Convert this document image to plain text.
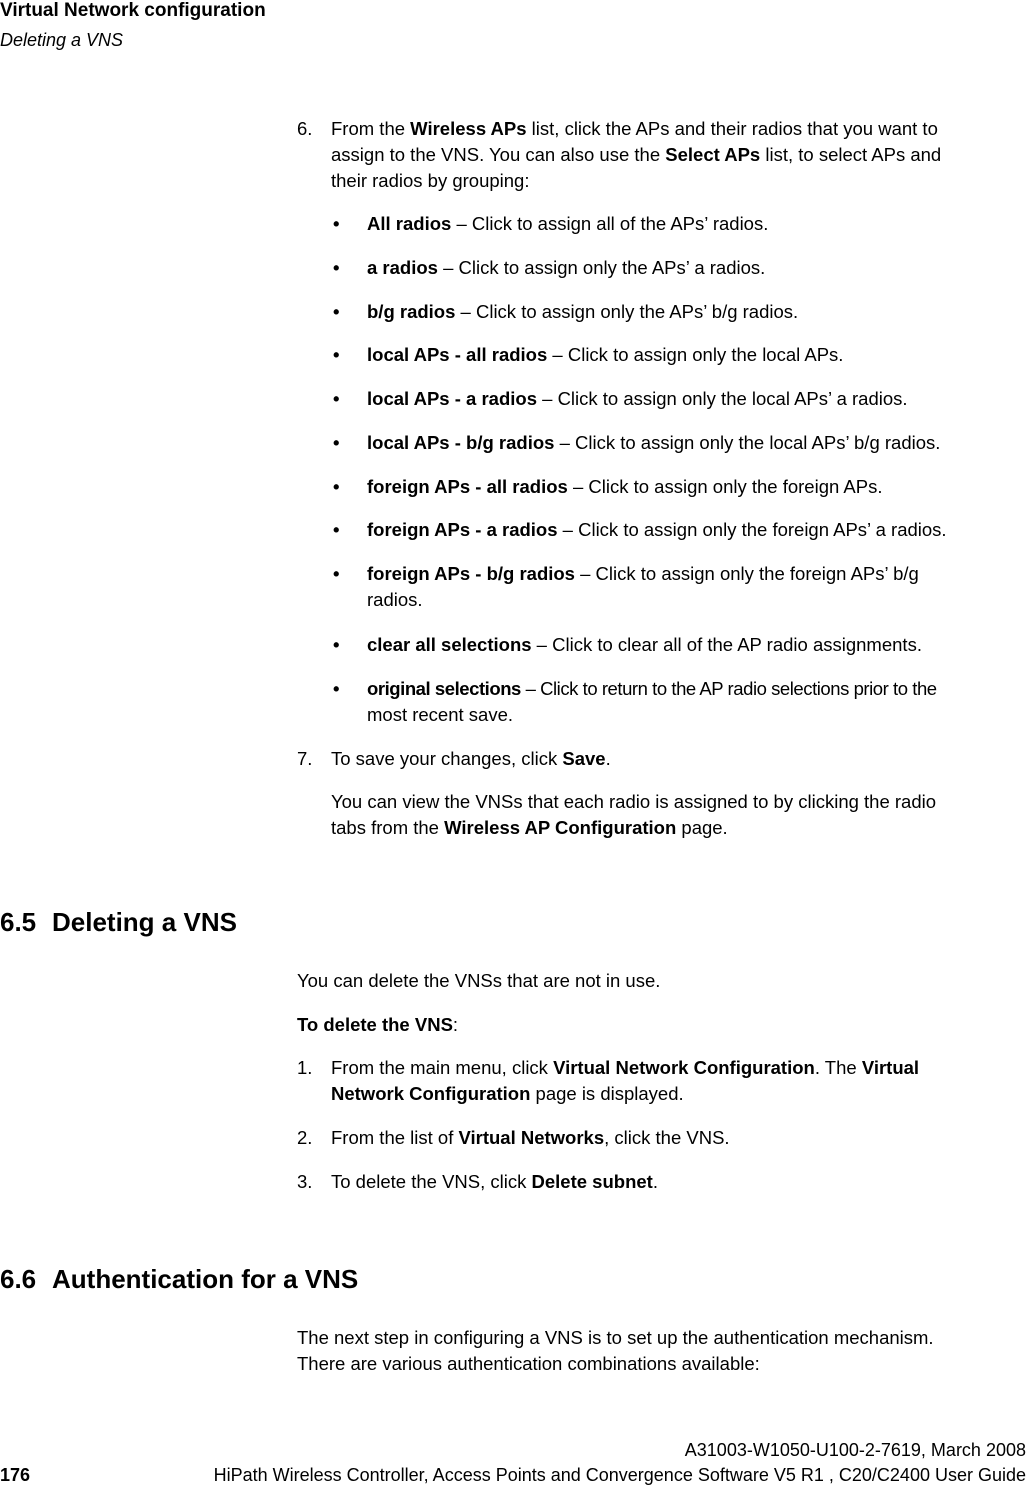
Virtual Network configuration
Deleting a VNS
6. From the Wireless APs list, click the APs and their radios that you want to
assign to the VNS. You can also use the Select APs list, to select APs and
their radios by grouping:
• All radios – Click to assign all of the APs’ radios.
• a radios – Click to assign only the APs’ a radios.
• b/g radios – Click to assign only the APs’ b/g radios.
• local APs - all radios – Click to assign only the local APs.
• local APs - a radios – Click to assign only the local APs’ a radios.
• local APs - b/g radios – Click to assign only the local APs’ b/g radios.
• foreign APs - all radios – Click to assign only the foreign APs.
• foreign APs - a radios – Click to assign only the foreign APs’ a radios.
• foreign APs - b/g radios – Click to assign only the foreign APs’ b/g
radios.
• clear all selections – Click to clear all of the AP radio assignments.
• original selections – Click to return to the AP radio selections prior to the
most recent save.
7. To save your changes, click Save.
You can view the VNSs that each radio is assigned to by clicking the radio
tabs from the Wireless AP Configuration page.
6.5 Deleting a VNS
You can delete the VNSs that are not in use.
To delete the VNS:
1. From the main menu, click Virtual Network Configuration. The Virtual
Network Configuration page is displayed.
2. From the list of Virtual Networks, click the VNS.
3. To delete the VNS, click Delete subnet.
6.6 Authentication for a VNS
The next step in configuring a VNS is to set up the authentication mechanism.
There are various authentication combinations available:
A31003-W1050-U100-2-7619, March 2008
176	HiPath Wireless Controller, Access Points and Convergence Software V5 R1 , C20/C2400 User Guide
